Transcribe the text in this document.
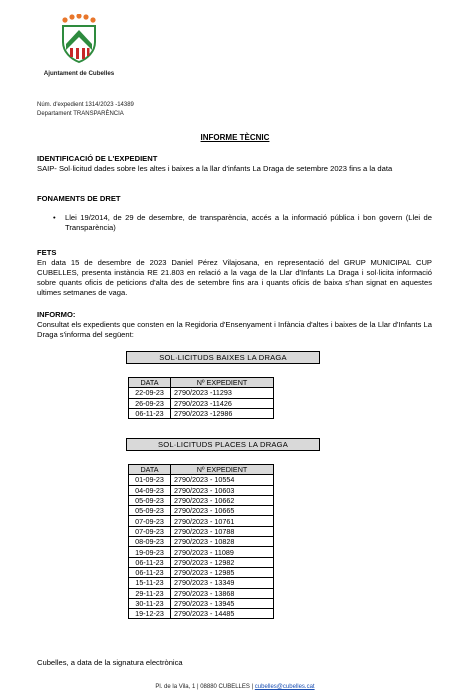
Ajuntament de Cubelles
Núm. d'expedient 1314/2023 -14389
Departament TRANSPARÈNCIA
INFORME TÈCNIC
IDENTIFICACIÓ DE L'EXPEDIENT
SAIP- Sol·licitud dades sobre les altes i baixes a la llar d'infants La Draga de setembre 2023 fins a la data
FONAMENTS DE DRET
• Llei 19/2014, de 29 de desembre, de transparència, accés a la informació pública i bon govern (Llei de Transparència)
FETS
En data 15 de desembre de 2023 Daniel Pérez Vilajosana, en representació del GRUP MUNICIPAL CUP CUBELLES, presenta instància RE 21.803 en relació a la vaga de la Llar d'Infants La Draga i sol·licita informació sobre quants oficis de peticions d'alta des de setembre fins ara i quants oficis de baixa s'han signat en aquestes ultimes setmanes de vaga.
INFORMO:
Consultat els expedients que consten en la Regidoria d'Ensenyament i Infància d'altes i baixes de la Llar d'Infants La Draga s'informa del següent:
SOL·LICITUDS BAIXES LA DRAGA
DATA	Nº EXPEDIENT
22-09-23	2790/2023 -11293
26-09-23	2790/2023 -11426
06-11-23	2790/2023 -12986
SOL·LICITUDS PLACES LA DRAGA
DATA	Nº EXPEDIENT
01-09-23	2790/2023 - 10554
04-09-23	2790/2023 - 10603
05-09-23	2790/2023 - 10662
05-09-23	2790/2023 - 10665
07-09-23	2790/2023 - 10761
07-09-23	2790/2023 - 10788
08-09-23	2790/2023 - 10828
19-09-23	2790/2023 - 11089
06-11-23	2790/2023 - 12982
06-11-23	2790/2023 - 12985
15-11-23	2790/2023 - 13349
29-11-23	2790/2023 - 13868
30-11-23	2790/2023 - 13945
19-12-23	2790/2023 - 14485
Cubelles, a data de la signatura electrònica
Pl. de la Vila, 1 | 08880 CUBELLES | cubelles@cubelles.cat
